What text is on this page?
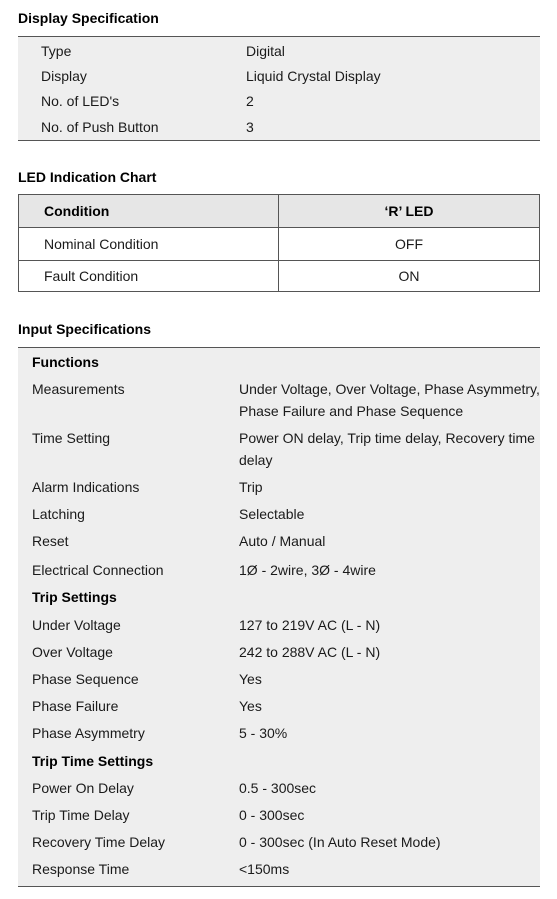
Display Specification
Type	Digital
Display	Liquid Crystal Display
No. of LED's	2
No. of Push Button	3
LED Indication Chart
Condition	‘R’ LED
Nominal Condition	OFF
Fault Condition	ON
Input Specifications
Functions
Measurements	Under Voltage, Over Voltage, Phase Asymmetry,
Phase Failure and Phase Sequence
Time Setting	Power ON delay, Trip time delay, Recovery time
delay
Alarm Indications	Trip
Latching	Selectable
Reset	Auto / Manual
Electrical Connection	1Ø - 2wire, 3Ø - 4wire
Trip Settings
Under Voltage	127 to 219V AC (L - N)
Over Voltage	242 to 288V AC (L - N)
Phase Sequence	Yes
Phase Failure	Yes
Phase Asymmetry	5 - 30%
Trip Time Settings
Power On Delay	0.5 - 300sec
Trip Time Delay	0 - 300sec
Recovery Time Delay	0 - 300sec (In Auto Reset Mode)
Response Time	<150ms
